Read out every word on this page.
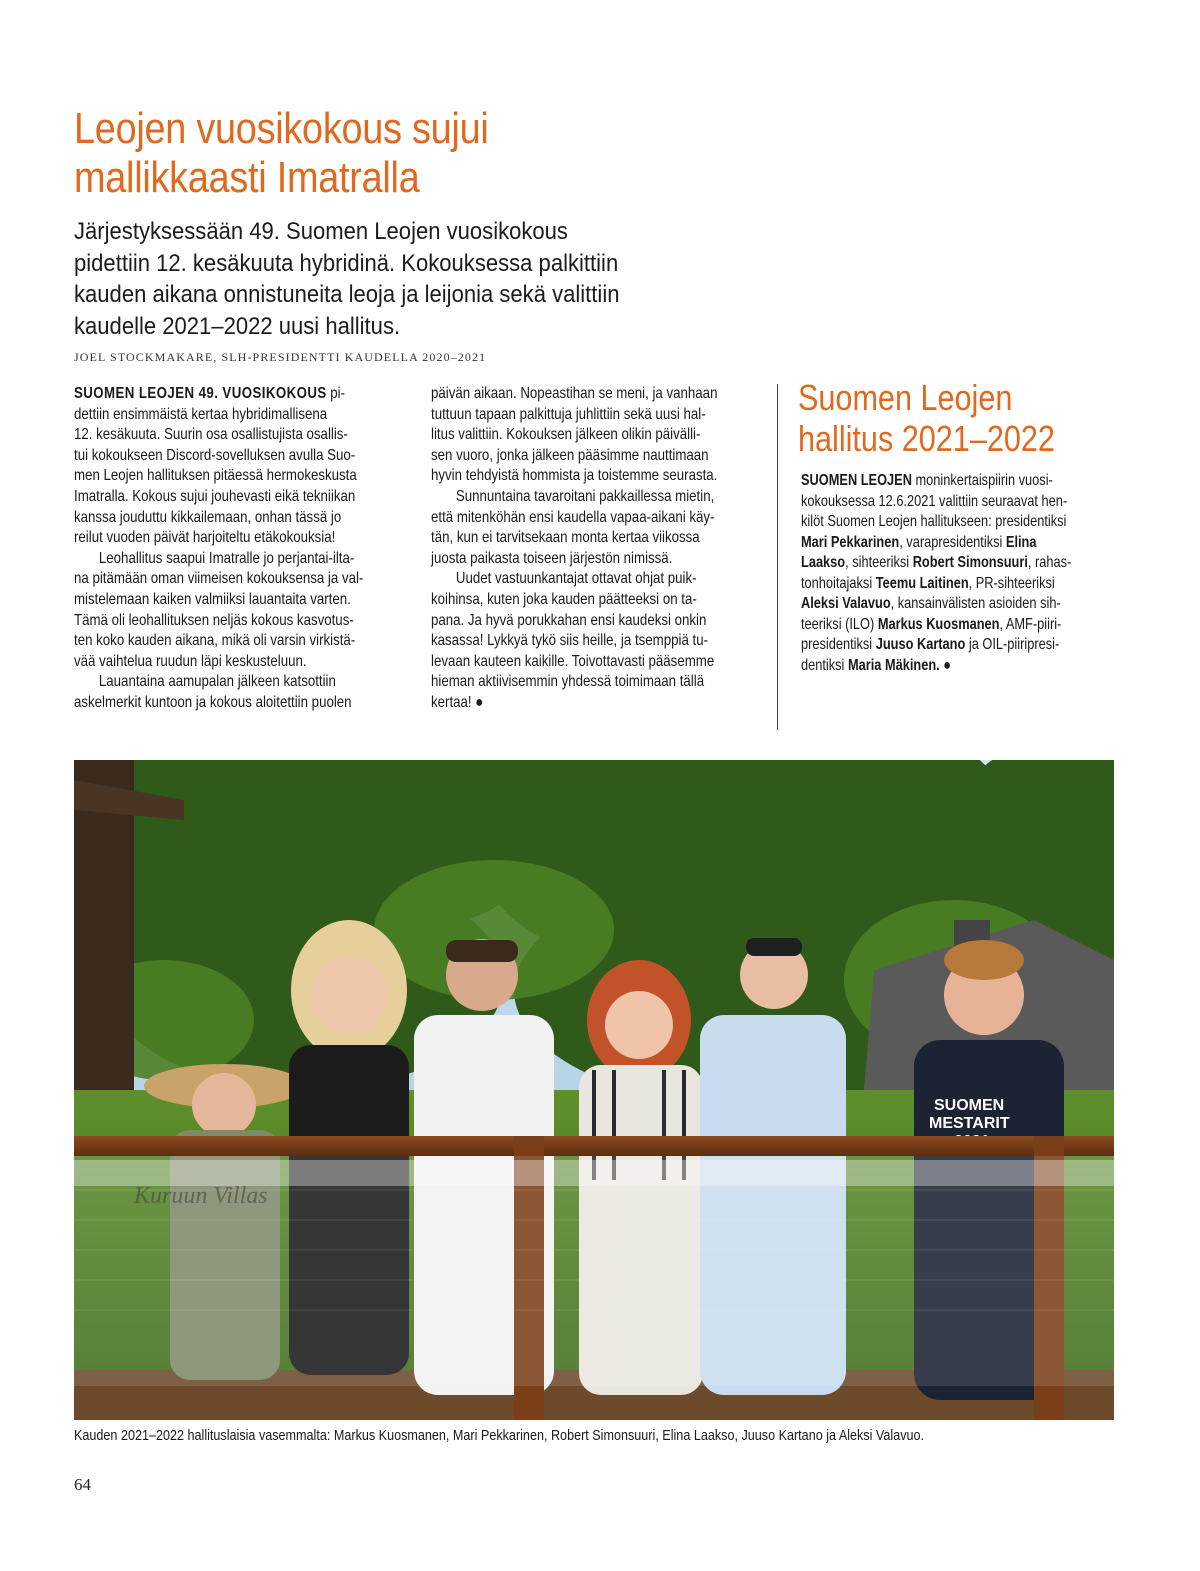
Leojen vuosikokous sujui
mallikkaasti Imatralla

Järjestyksessään 49. Suomen Leojen vuosikokous
pidettiin 12. kesäkuuta hybridinä. Kokouksessa palkittiin
kauden aikana onnistuneita leoja ja leijonia sekä valittiin
kaudelle 2021–2022 uusi hallitus.

JOEL STOCKMAKARE, SLH-PRESIDENTTI KAUDELLA 2020–2021

SUOMEN LEOJEN 49. VUOSIKOKOUS pi-
dettiin ensimmäistä kertaa hybridimallisena
12. kesäkuuta. Suurin osa osallistujista osallis-
tui kokoukseen Discord-sovelluksen avulla Suo-
men Leojen hallituksen pitäessä hermokeskusta
Imatralla. Kokous sujui jouhevasti eikä tekniikan
kanssa jouduttu kikkailemaan, onhan tässä jo
reilut vuoden päivät harjoiteltu etäkokouksia!
Leohallitus saapui Imatralle jo perjantai-ilta-
na pitämään oman viimeisen kokouksensa ja val-
mistelemaan kaiken valmiiksi lauantaita varten.
Tämä oli leohallituksen neljäs kokous kasvotus-
ten koko kauden aikana, mikä oli varsin virkistä-
vää vaihtelua ruudun läpi keskusteluun.
Lauantaina aamupalan jälkeen katsottiin
askelmerkit kuntoon ja kokous aloitettiin puolen
päivän aikaan. Nopeastihan se meni, ja vanhaan
tuttuun tapaan palkittuja juhlittiin sekä uusi hal-
litus valittiin. Kokouksen jälkeen olikin päivälli-
sen vuoro, jonka jälkeen pääsimme nauttimaan
hyvin tehdyistä hommista ja toistemme seurasta.
Sunnuntaina tavaroitani pakkaillessa mietin,
että mitenköhän ensi kaudella vapaa-aikani käy-
tän, kun ei tarvitsekaan monta kertaa viikossa
juosta paikasta toiseen järjestön nimissä.
Uudet vastuunkantajat ottavat ohjat puik-
koihinsa, kuten joka kauden päätteeksi on ta-
pana. Ja hyvä porukkahan ensi kaudeksi onkin
kasassa! Lykkyä tykö siis heille, ja tsemppiä tu-
levaan kauteen kaikille. Toivottavasti pääsemme
hieman aktiivisemmin yhdessä toimimaan tällä
kertaa! ●
Suomen Leojen
hallitus 2021–2022
SUOMEN LEOJEN moninkertaispiirin vuosi-
kokouksessa 12.6.2021 valittiin seuraavat hen-
kilöt Suomen Leojen hallitukseen: presidentiksi
Mari Pekkarinen, varapresidentiksi Elina
Laakso, sihteeriksi Robert Simonsuuri, rahas-
tonhoitajaksi Teemu Laitinen, PR-sihteeriksi
Aleksi Valavuo, kansainvälisten asioiden sih-
teeriksi (ILO) Markus Kuosmanen, AMF-piiri-
presidentiksi Juuso Kartano ja OIL-piiripresi-
dentiksi Maria Mäkinen. ●
SUOMEN MESTARIT
Kuruun Villas

Kauden 2021–2022 hallituslaisia vasemmalta: Markus Kuosmanen, Mari Pekkarinen, Robert Simonsuuri, Elina Laakso, Juuso Kartano ja Aleksi Valavuo.

64
